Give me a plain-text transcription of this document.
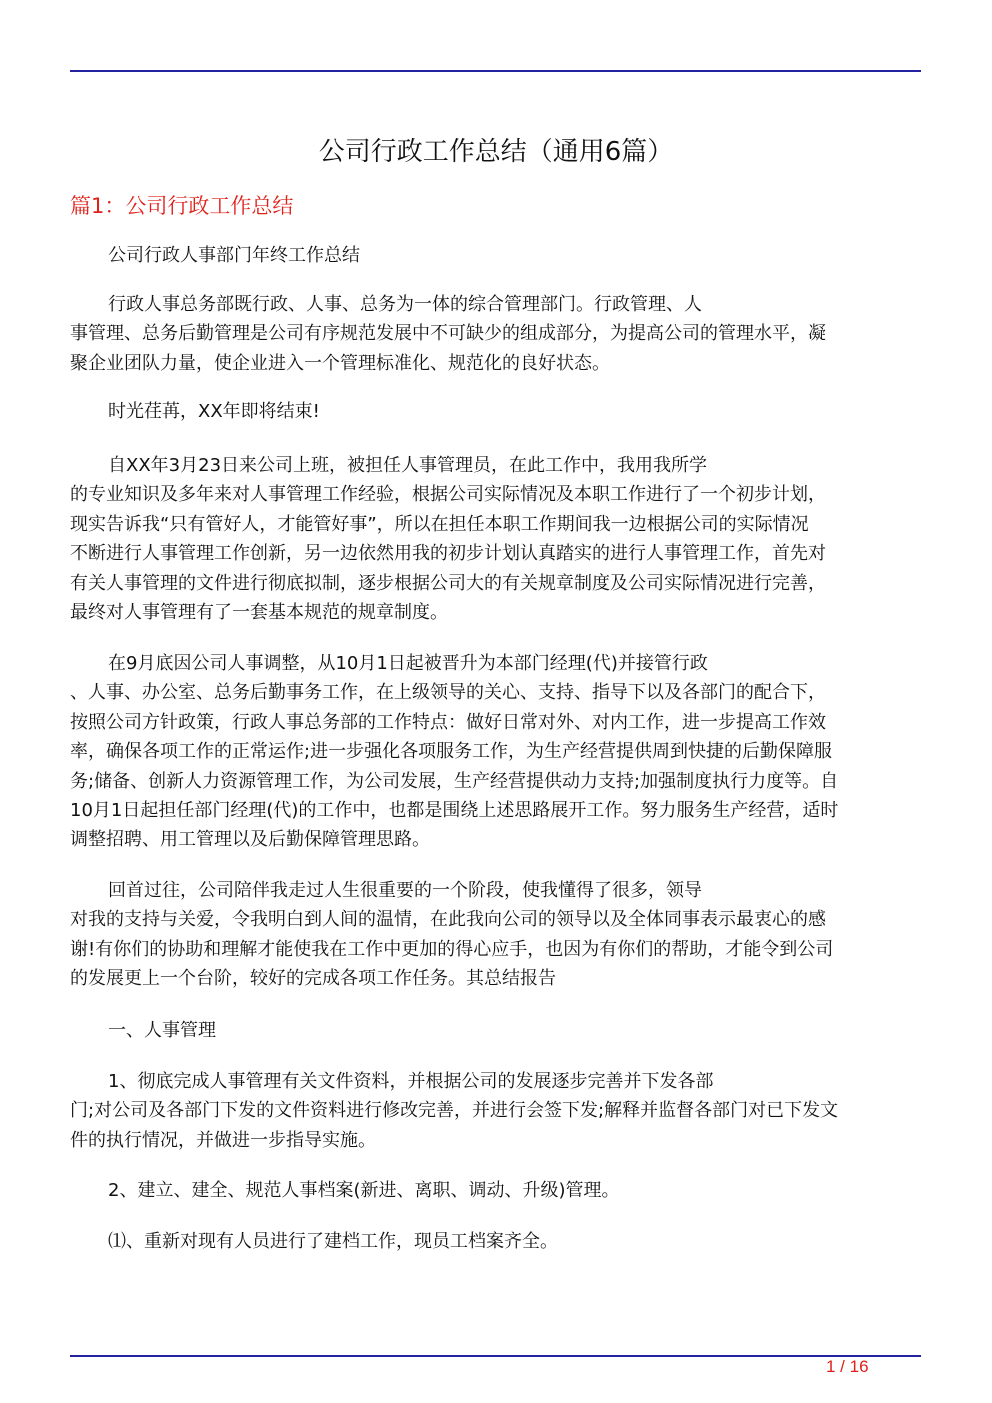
公司行政工作总结（通用6篇）
篇1：公司行政工作总结
公司行政人事部门年终工作总结
行政人事总务部既行政、人事、总务为一体的综合管理部门。行政管理、人
事管理、总务后勤管理是公司有序规范发展中不可缺少的组成部分，为提高公司的管理水平，凝
聚企业团队力量，使企业进入一个管理标准化、规范化的良好状态。
时光荏苒，XX年即将结束!
自XX年3月23日来公司上班，被担任人事管理员，在此工作中，我用我所学
的专业知识及多年来对人事管理工作经验，根据公司实际情况及本职工作进行了一个初步计划，
现实告诉我“只有管好人，才能管好事”，所以在担任本职工作期间我一边根据公司的实际情况
不断进行人事管理工作创新，另一边依然用我的初步计划认真踏实的进行人事管理工作，首先对
有关人事管理的文件进行彻底拟制，逐步根据公司大的有关规章制度及公司实际情况进行完善，
最终对人事管理有了一套基本规范的规章制度。
在9月底因公司人事调整，从10月1日起被晋升为本部门经理(代)并接管行政
、人事、办公室、总务后勤事务工作，在上级领导的关心、支持、指导下以及各部门的配合下，
按照公司方针政策，行政人事总务部的工作特点：做好日常对外、对内工作，进一步提高工作效
率，确保各项工作的正常运作;进一步强化各项服务工作，为生产经营提供周到快捷的后勤保障服
务;储备、创新人力资源管理工作，为公司发展，生产经营提供动力支持;加强制度执行力度等。自
10月1日起担任部门经理(代)的工作中，也都是围绕上述思路展开工作。努力服务生产经营，适时
调整招聘、用工管理以及后勤保障管理思路。
回首过往，公司陪伴我走过人生很重要的一个阶段，使我懂得了很多，领导
对我的支持与关爱，令我明白到人间的温情，在此我向公司的领导以及全体同事表示最衷心的感
谢!有你们的协助和理解才能使我在工作中更加的得心应手，也因为有你们的帮助，才能令到公司
的发展更上一个台阶，较好的完成各项工作任务。其总结报告
一、人事管理
1、彻底完成人事管理有关文件资料，并根据公司的发展逐步完善并下发各部
门;对公司及各部门下发的文件资料进行修改完善，并进行会签下发;解释并监督各部门对已下发文
件的执行情况，并做进一步指导实施。
2、建立、建全、规范人事档案(新进、离职、调动、升级)管理。
⑴、重新对现有人员进行了建档工作，现员工档案齐全。
1 / 16
